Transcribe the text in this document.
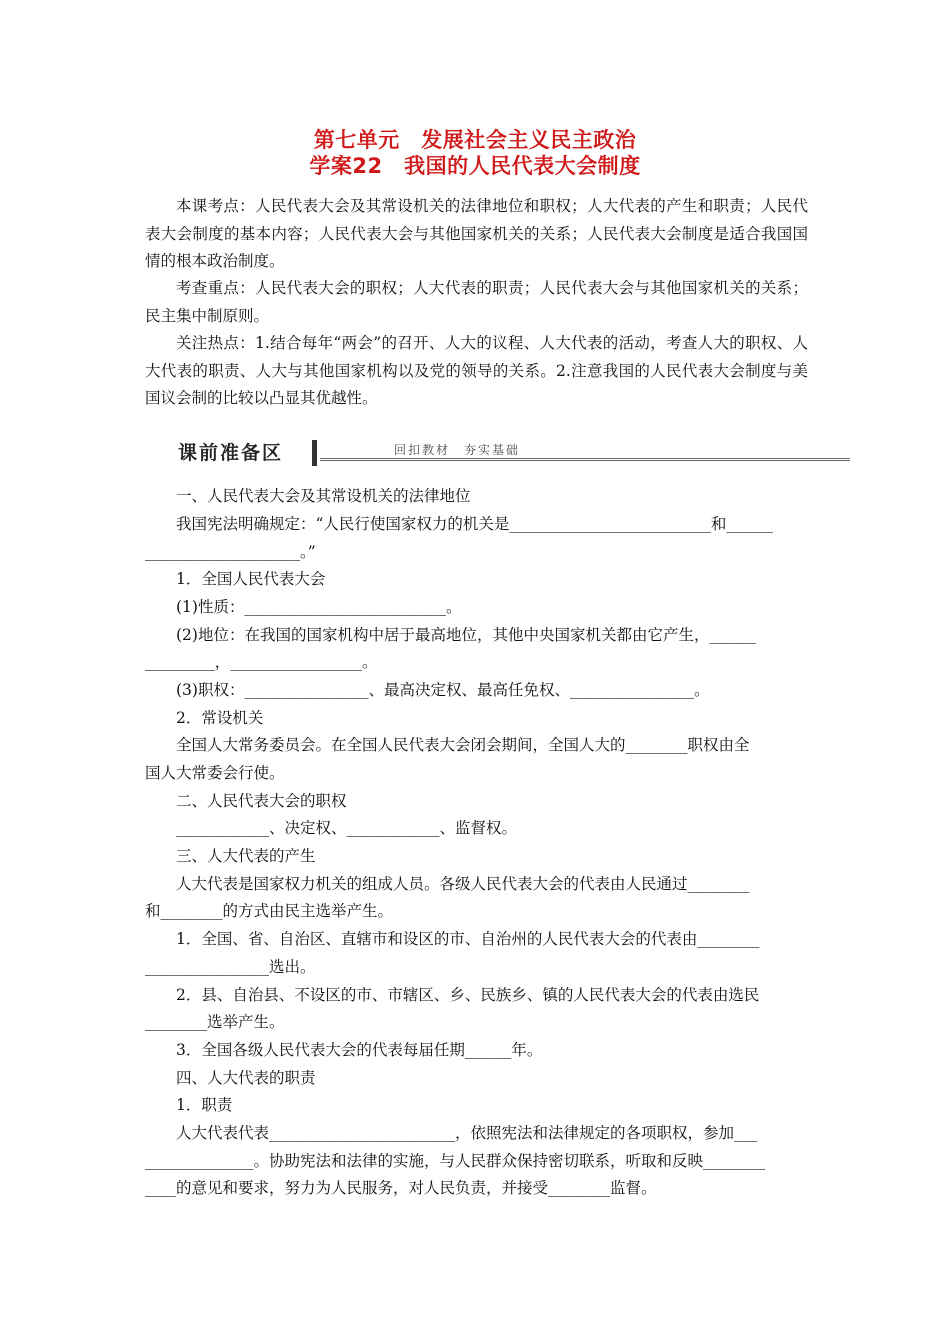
第七单元　发展社会主义民主政治
学案22　我国的人民代表大会制度

本课考点：人民代表大会及其常设机关的法律地位和职权；人大代表的产生和职责；人民代表大会制度的基本内容；人民代表大会与其他国家机关的关系；人民代表大会制度是适合我国国情的根本政治制度。

考查重点：人民代表大会的职权；人大代表的职责；人民代表大会与其他国家机关的关系；民主集中制原则。

关注热点：1.结合每年“两会”的召开、人大的议程、人大代表的活动，考查人大的职权、人大代表的职责、人大与其他国家机构以及党的领导的关系。2.注意我国的人民代表大会制度与美国议会制的比较以凸显其优越性。

课前准备区	回扣教材　夯实基础

一、人民代表大会及其常设机关的法律地位

我国宪法明确规定：“人民行使国家权力的机关是__________________________和______

____________________。”

1．全国人民代表大会

(1)性质：__________________________。

(2)地位：在我国的国家机构中居于最高地位，其他中央国家机关都由它产生，______

_________，_________________。

(3)职权：________________、最高决定权、最高任免权、________________。

2．常设机关

全国人大常务委员会。在全国人民代表大会闭会期间，全国人大的________职权由全

国人大常委会行使。

二、人民代表大会的职权

____________、决定权、____________、监督权。

三、人大代表的产生

人大代表是国家权力机关的组成人员。各级人民代表大会的代表由人民通过________

和________的方式由民主选举产生。

1．全国、省、自治区、直辖市和设区的市、自治州的人民代表大会的代表由________

________________选出。

2．县、自治县、不设区的市、市辖区、乡、民族乡、镇的人民代表大会的代表由选民

________选举产生。

3．全国各级人民代表大会的代表每届任期______年。

四、人大代表的职责

1．职责

人大代表代表________________________，依照宪法和法律规定的各项职权，参加___

______________。协助宪法和法律的实施，与人民群众保持密切联系，听取和反映________

____的意见和要求，努力为人民服务，对人民负责，并接受________监督。
